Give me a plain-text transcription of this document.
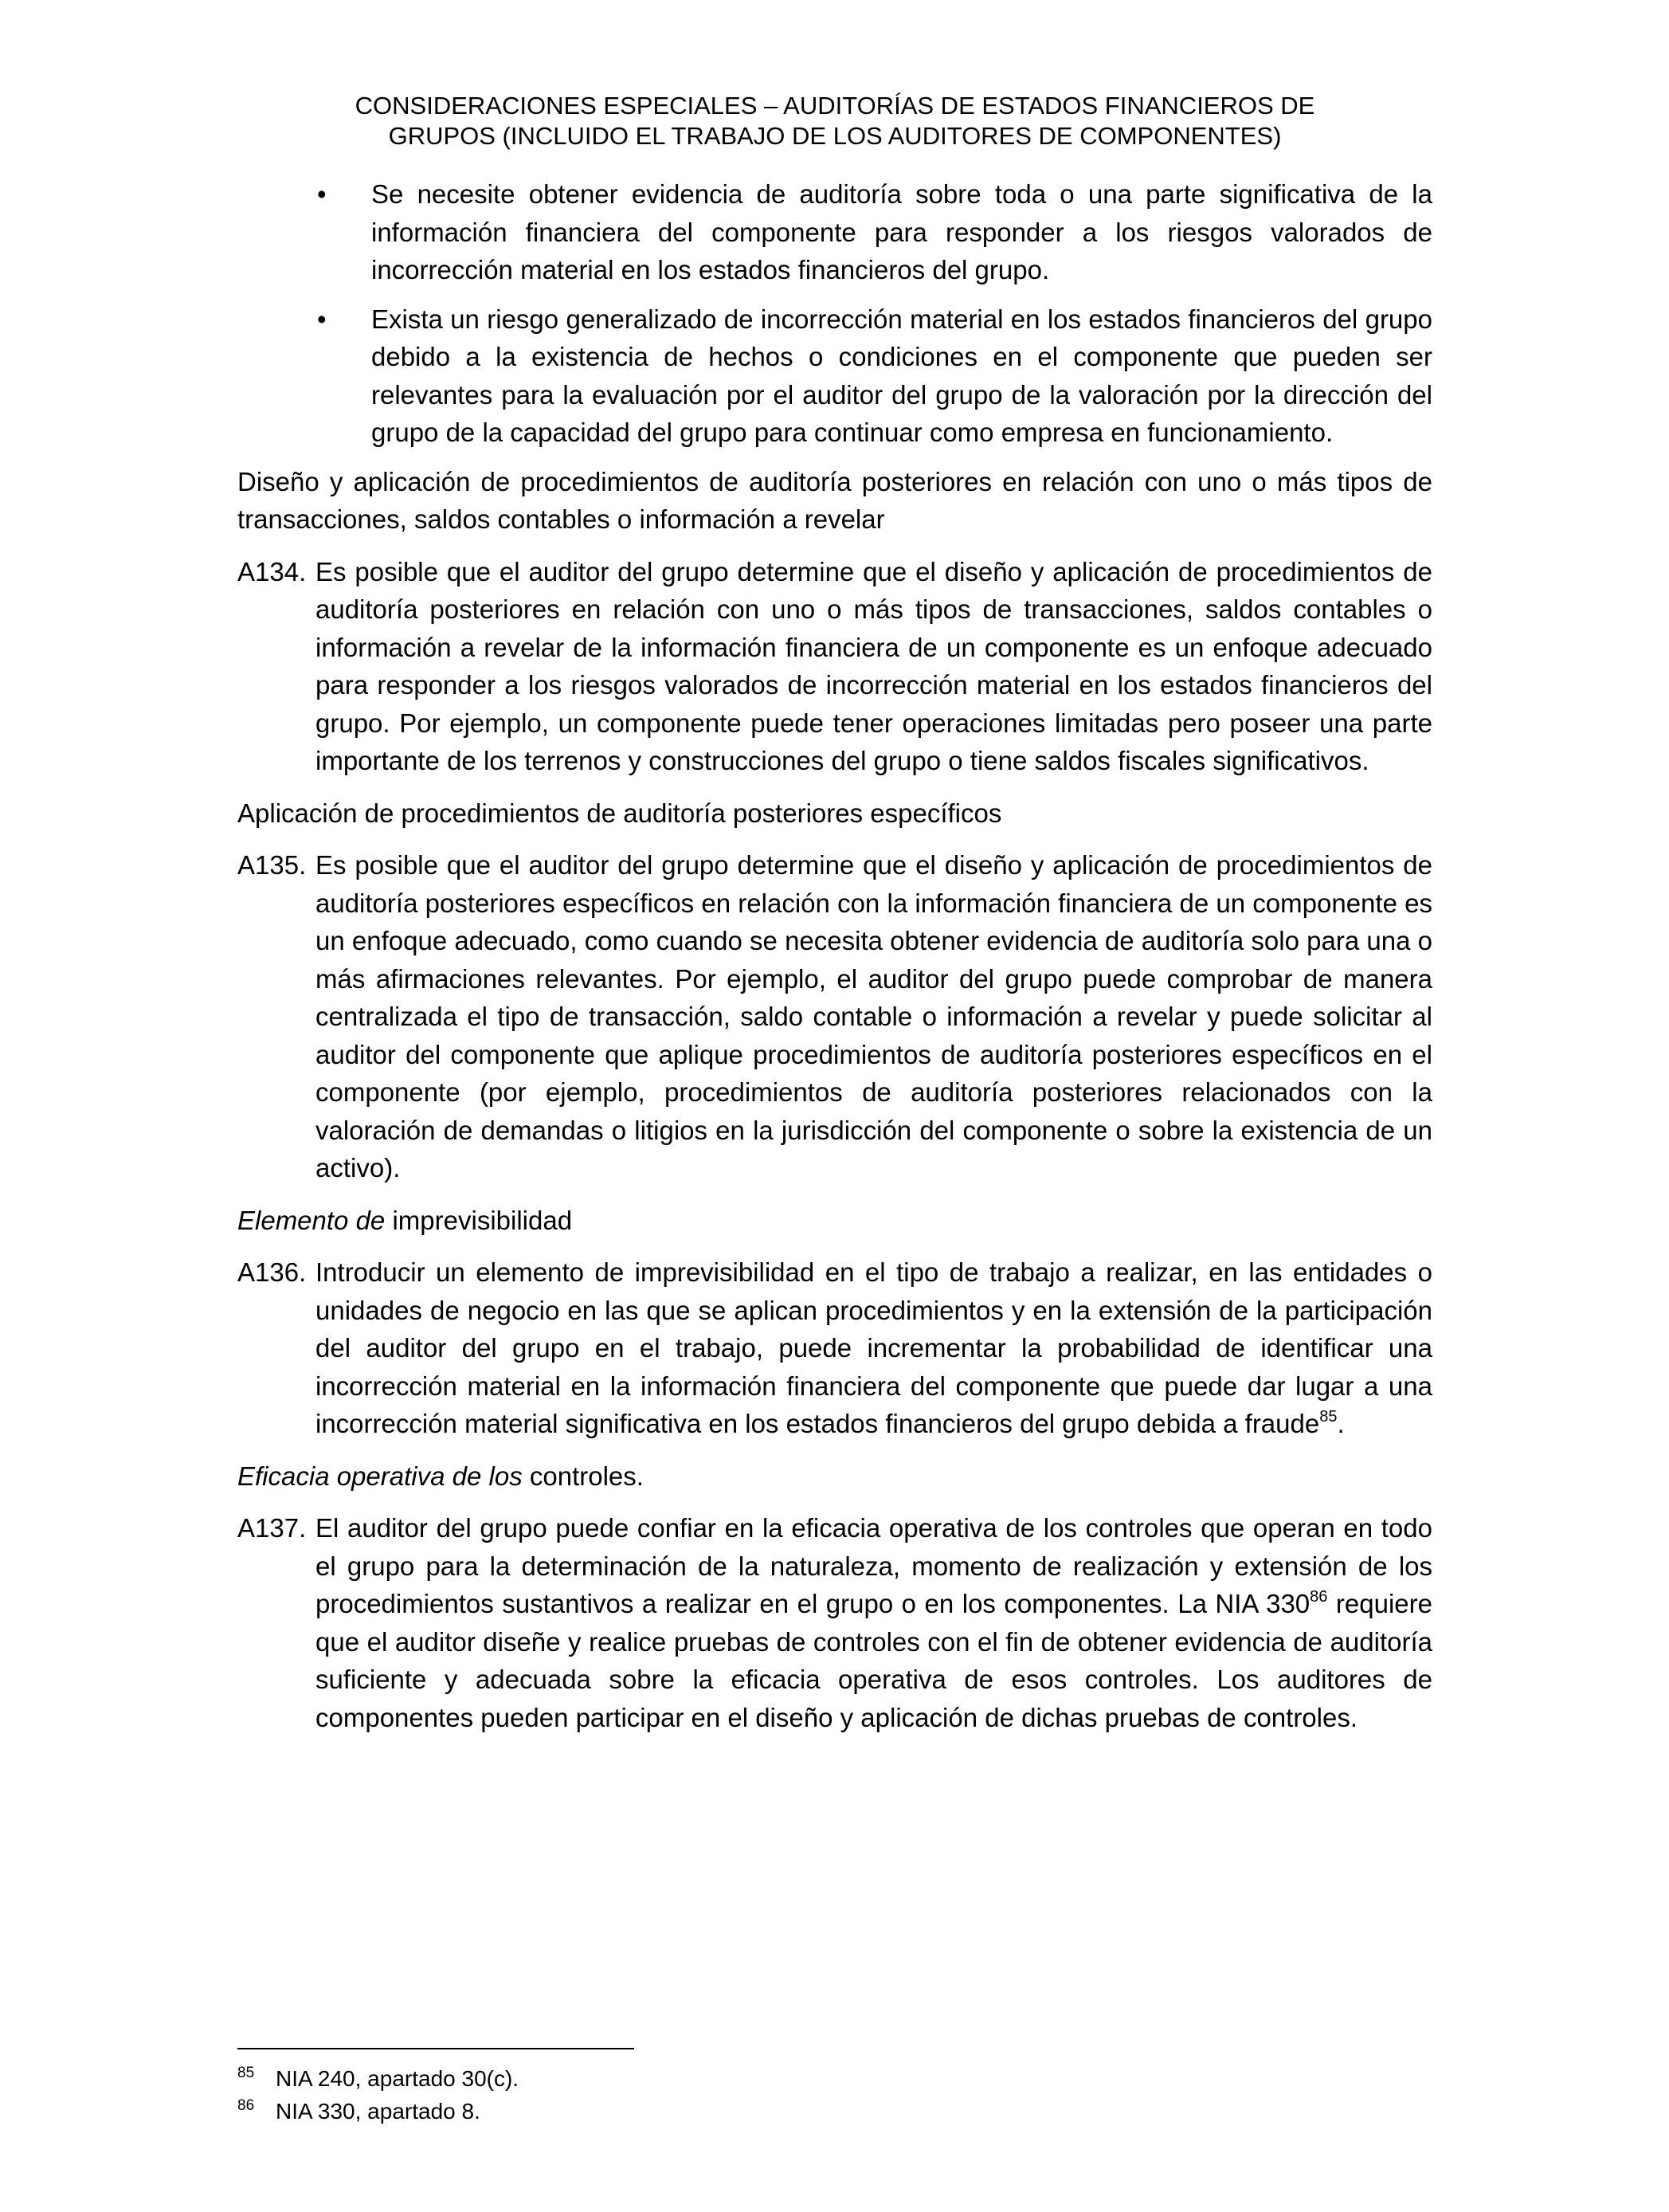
CONSIDERACIONES ESPECIALES – AUDITORÍAS DE ESTADOS FINANCIEROS DE
GRUPOS (INCLUIDO EL TRABAJO DE LOS AUDITORES DE COMPONENTES)
•	Se necesite obtener evidencia de auditoría sobre toda o una parte significativa de la información financiera del componente para responder a los riesgos valorados de incorrección material en los estados financieros del grupo.
•	Exista un riesgo generalizado de incorrección material en los estados financieros del grupo debido a la existencia de hechos o condiciones en el componente que pueden ser relevantes para la evaluación por el auditor del grupo de la valoración por la dirección del grupo de la capacidad del grupo para continuar como empresa en funcionamiento.

Diseño y aplicación de procedimientos de auditoría posteriores en relación con uno o más tipos de transacciones, saldos contables o información a revelar

A134. Es posible que el auditor del grupo determine que el diseño y aplicación de procedimientos de auditoría posteriores en relación con uno o más tipos de transacciones, saldos contables o información a revelar de la información financiera de un componente es un enfoque adecuado para responder a los riesgos valorados de incorrección material en los estados financieros del grupo. Por ejemplo, un componente puede tener operaciones limitadas pero poseer una parte importante de los terrenos y construcciones del grupo o tiene saldos fiscales significativos.

Aplicación de procedimientos de auditoría posteriores específicos

A135. Es posible que el auditor del grupo determine que el diseño y aplicación de procedimientos de auditoría posteriores específicos en relación con la información financiera de un componente es un enfoque adecuado, como cuando se necesita obtener evidencia de auditoría solo para una o más afirmaciones relevantes. Por ejemplo, el auditor del grupo puede comprobar de manera centralizada el tipo de transacción, saldo contable o información a revelar y puede solicitar al auditor del componente que aplique procedimientos de auditoría posteriores específicos en el componente (por ejemplo, procedimientos de auditoría posteriores relacionados con la valoración de demandas o litigios en la jurisdicción del componente o sobre la existencia de un activo).

Elemento de imprevisibilidad

A136. Introducir un elemento de imprevisibilidad en el tipo de trabajo a realizar, en las entidades o unidades de negocio en las que se aplican procedimientos y en la extensión de la participación del auditor del grupo en el trabajo, puede incrementar la probabilidad de identificar una incorrección material en la información financiera del componente que puede dar lugar a una incorrección material significativa en los estados financieros del grupo debida a fraude$^{85}$.

Eficacia operativa de los controles.

A137. El auditor del grupo puede confiar en la eficacia operativa de los controles que operan en todo el grupo para la determinación de la naturaleza, momento de realización y extensión de los procedimientos sustantivos a realizar en el grupo o en los componentes. La NIA $330^{86}$ requiere que el auditor diseñe y realice pruebas de controles con el fin de obtener evidencia de auditoría suficiente y adecuada sobre la eficacia operativa de esos controles. Los auditores de componentes pueden participar en el diseño y aplicación de dichas pruebas de controles.
85 NIA 240, apartado 30(c).
86 NIA 330, apartado 8.
